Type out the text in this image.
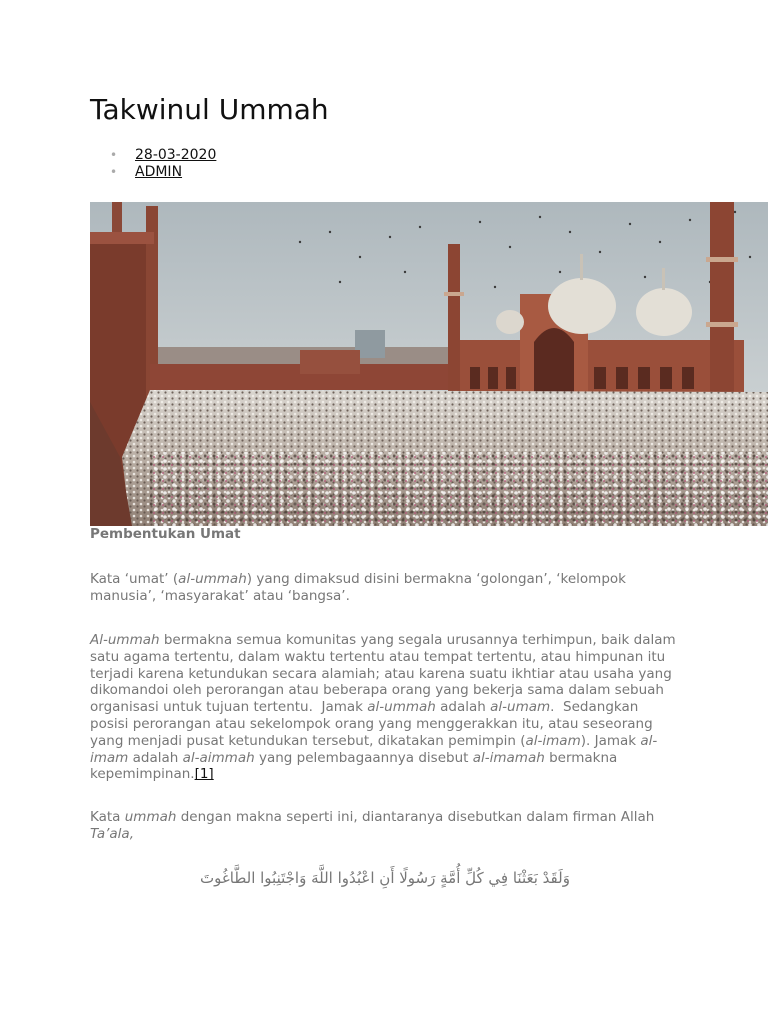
Takwinul Ummah
• 28-03-2020
• ADMIN
Pembentukan Umat

Kata ‘umat’ (al-ummah) yang dimaksud disini bermakna ‘golongan’, ‘kelompok manusia’, ‘masyarakat’ atau ‘bangsa’.

Al-ummah bermakna semua komunitas yang segala urusannya terhimpun, baik dalam satu agama tertentu, dalam waktu tertentu atau tempat tertentu, atau himpunan itu terjadi karena ketundukan secara alamiah; atau karena suatu ikhtiar atau usaha yang dikomandoi oleh perorangan atau beberapa orang yang bekerja sama dalam sebuah organisasi untuk tujuan tertentu.  Jamak al-ummah adalah al-umam.  Sedangkan posisi perorangan atau sekelompok orang yang menggerakkan itu, atau seseorang yang menjadi pusat ketundukan tersebut, dikatakan pemimpin (al-imam). Jamak al-imam adalah al-aimmah yang pelembagaannya disebut al-imamah bermakna kepemimpinan.[1]

Kata ummah dengan makna seperti ini, diantaranya disebutkan dalam firman Allah Ta’ala,

وَلَقَدْ بَعَثْنَا فِي كُلِّ أُمَّةٍ رَسُولًا أَنِ اعْبُدُوا اللَّهَ وَاجْتَنِبُوا الطَّاغُوتَ
